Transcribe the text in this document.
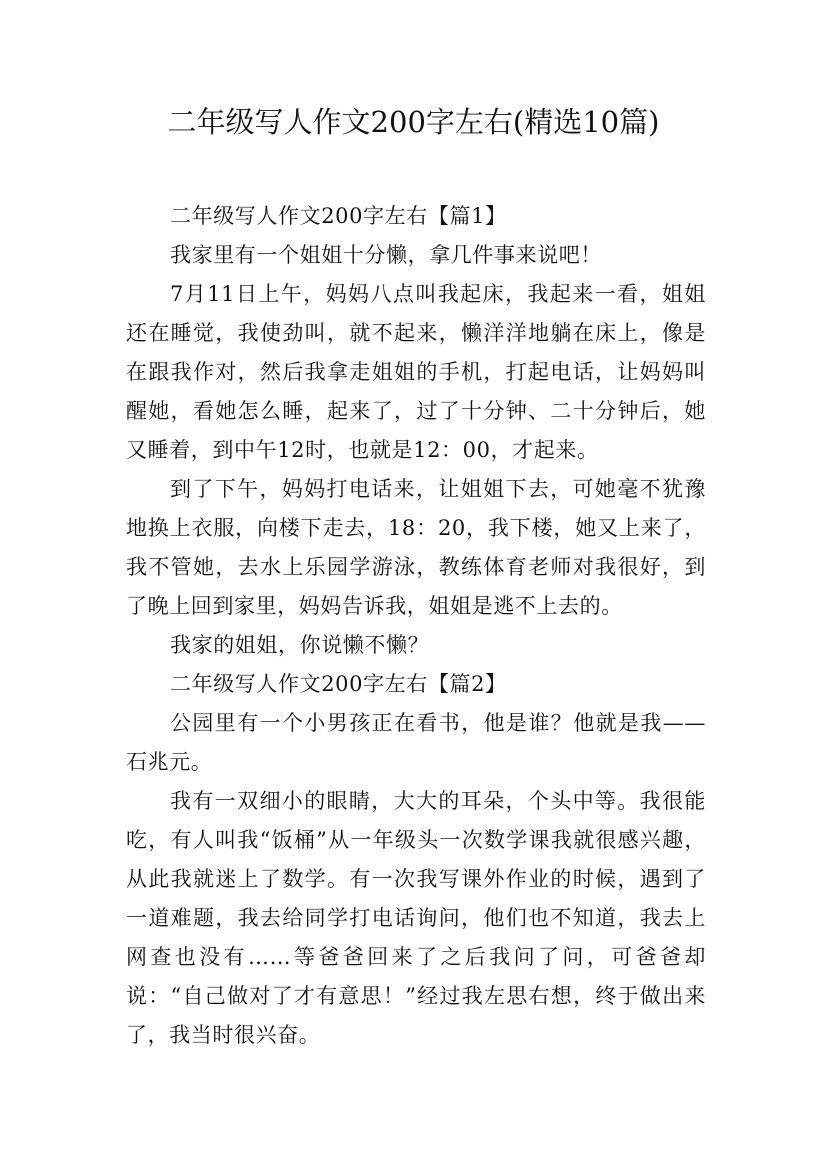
二年级写人作文200字左右(精选10篇)

二年级写人作文200字左右【篇1】

我家里有一个姐姐十分懒，拿几件事来说吧！

7月11日上午，妈妈八点叫我起床，我起来一看，姐姐还在睡觉，我使劲叫，就不起来，懒洋洋地躺在床上，像是在跟我作对，然后我拿走姐姐的手机，打起电话，让妈妈叫醒她，看她怎么睡，起来了，过了十分钟、二十分钟后，她又睡着，到中午12时，也就是12：00，才起来。

到了下午，妈妈打电话来，让姐姐下去，可她毫不犹豫地换上衣服，向楼下走去，18：20，我下楼，她又上来了，我不管她，去水上乐园学游泳，教练体育老师对我很好，到了晚上回到家里，妈妈告诉我，姐姐是逃不上去的。

我家的姐姐，你说懒不懒？

二年级写人作文200字左右【篇2】

公园里有一个小男孩正在看书，他是谁？他就是我——石兆元。

我有一双细小的眼睛，大大的耳朵，个头中等。我很能吃，有人叫我“饭桶”从一年级头一次数学课我就很感兴趣，从此我就迷上了数学。有一次我写课外作业的时候，遇到了一道难题，我去给同学打电话询问，他们也不知道，我去上网查也没有……等爸爸回来了之后我问了问，可爸爸却说：“自己做对了才有意思！”经过我左思右想，终于做出来了，我当时很兴奋。
